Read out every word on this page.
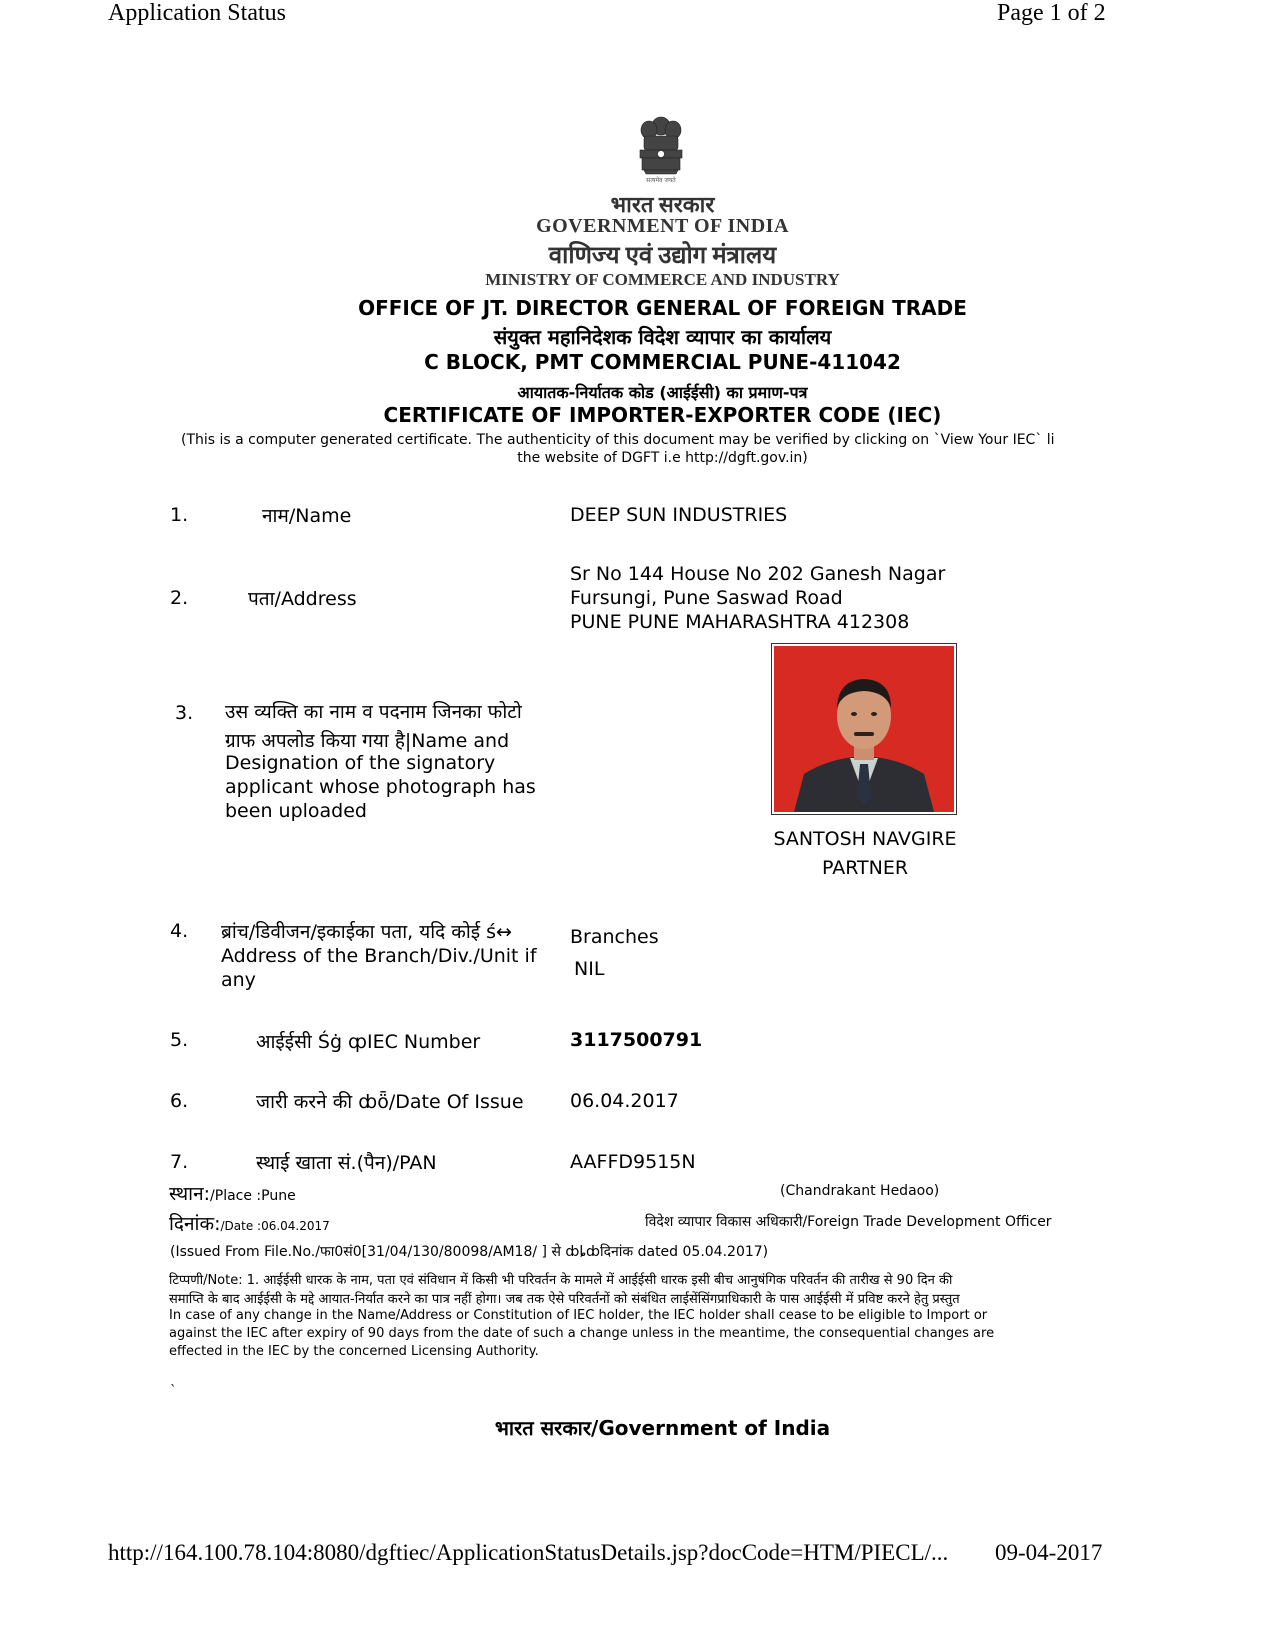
Application Status	Page 1 of 2
सत्यमेव जयते
भारत सरकार
GOVERNMENT OF INDIA
वाणिज्य एवं उद्योग मंत्रालय
MINISTRY OF COMMERCE AND INDUSTRY
OFFICE OF JT. DIRECTOR GENERAL OF FOREIGN TRADE
संयुक्त महानिदेशक विदेश व्यापार का कार्यालय
C BLOCK, PMT COMMERCIAL PUNE-411042
आयातक-निर्यातक कोड (आईईसी) का प्रमाण-पत्र
CERTIFICATE OF IMPORTER-EXPORTER CODE (IEC)
(This is a computer generated certificate. The authenticity of this document may be verified by clicking on `View Your IEC` li
the website of DGFT i.e http://dgft.gov.in)
1.	नाम/Name	DEEP SUN INDUSTRIES
2.	पता/Address
Sr No 144 House No 202 Ganesh Nagar
Fursungi, Pune Saswad Road
PUNE PUNE MAHARASHTRA 412308
3. उस व्यक्ति का नाम व पदनाम जिनका फोटो
ग्राफ अपलोड किया गया है|Name and
Designation of the signatory
applicant whose photograph has
been uploaded
SANTOSH NAVGIRE
PARTNER
4. ब्रांच/डिवीजन/इकाईका पता, यदि कोई ś↔
Address of the Branch/Div./Unit if
any
Branches
NIL
5.	आईईसी Śġ ȹIEC Number	3117500791
6.	जारी करने की ȸȫ/Date Of Issue 06.04.2017
7.	स्थाई खाता सं.(पैन)/PAN	AAFFD9515N
स्थान:/Place :Pune
दिनांक:/Date :06.04.2017
(Chandrakant Hedaoo)
विदेश व्यापार विकास अधिकारी/Foreign Trade Development Officer
(Issued From File.No./फा0सं0[31/04/130/80098/AM18/ ] से ȸȴȸदिनांक dated 05.04.2017)
टिप्पणी/Note: 1. आईईसी धारक के नाम, पता एवं संविधान में किसी भी परिवर्तन के मामले में आईईसी धारक इसी बीच आनुषंगिक परिवर्तन की तारीख से 90 दिन की
समाप्ति के बाद आईईसी के मद्दे आयात-निर्यात करने का पात्र नहीं होगा। जब तक ऐसे परिवर्तनों को संबंधित लाईसेंसिंगप्राधिकारी के पास आईईसी में प्रविष्ट करने हेतु प्रस्तुत
In case of any change in the Name/Address or Constitution of IEC holder, the IEC holder shall cease to be eligible to Import or
against the IEC after expiry of 90 days from the date of such a change unless in the meantime, the consequential changes are
effected in the IEC by the concerned Licensing Authority.
`
भारत सरकार/Government of India
http://164.100.78.104:8080/dgftiec/ApplicationStatusDetails.jsp?docCode=HTM/PIECL/... 09-04-2017
